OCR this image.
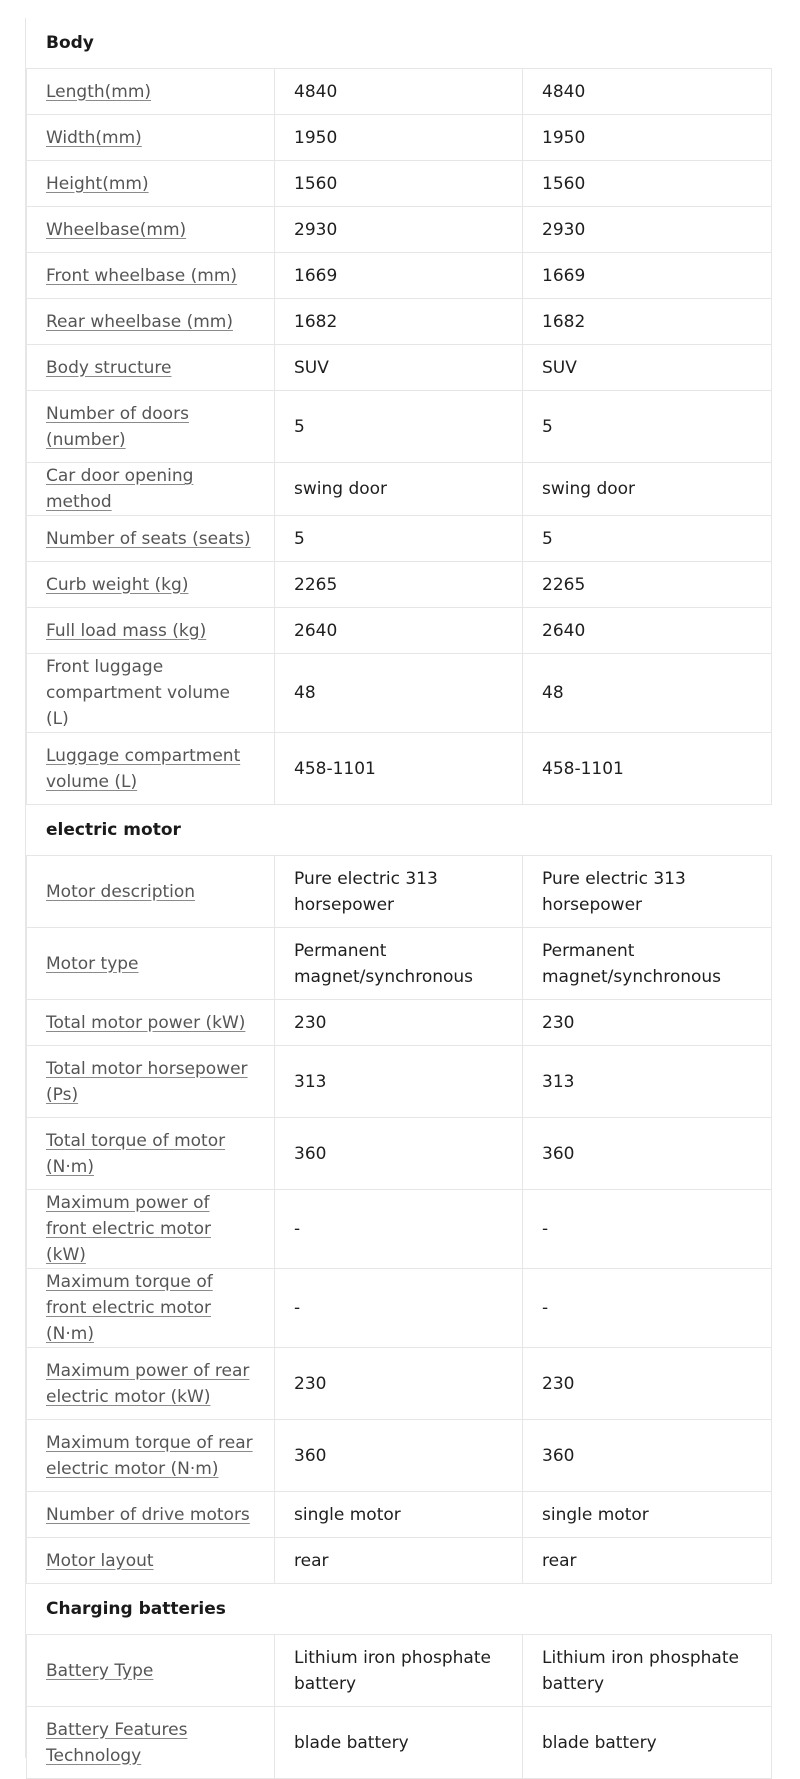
Body
Length(mm)	4840	4840
Width(mm)	1950	1950
Height(mm)	1560	1560
Wheelbase(mm)	2930	2930
Front wheelbase (mm)	1669	1669
Rear wheelbase (mm)	1682	1682
Body structure	SUV	SUV
Number of doors (number)	5	5
Car door opening method	swing door	swing door
Number of seats (seats)	5	5
Curb weight (kg)	2265	2265
Full load mass (kg)	2640	2640
Front luggage compartment volume (L)	48	48
Luggage compartment volume (L)	458-1101	458-1101
electric motor
Motor description	Pure electric 313 horsepower	Pure electric 313 horsepower
Motor type	Permanent magnet/synchronous	Permanent magnet/synchronous
Total motor power (kW)	230	230
Total motor horsepower (Ps)	313	313
Total torque of motor (N·m)	360	360
Maximum power of front electric motor (kW)	-	-
Maximum torque of front electric motor (N·m)	-	-
Maximum power of rear electric motor (kW)	230	230
Maximum torque of rear electric motor (N·m)	360	360
Number of drive motors	single motor	single motor
Motor layout	rear	rear
Charging batteries
Battery Type	Lithium iron phosphate battery	Lithium iron phosphate battery
Battery Features Technology	blade battery	blade battery
